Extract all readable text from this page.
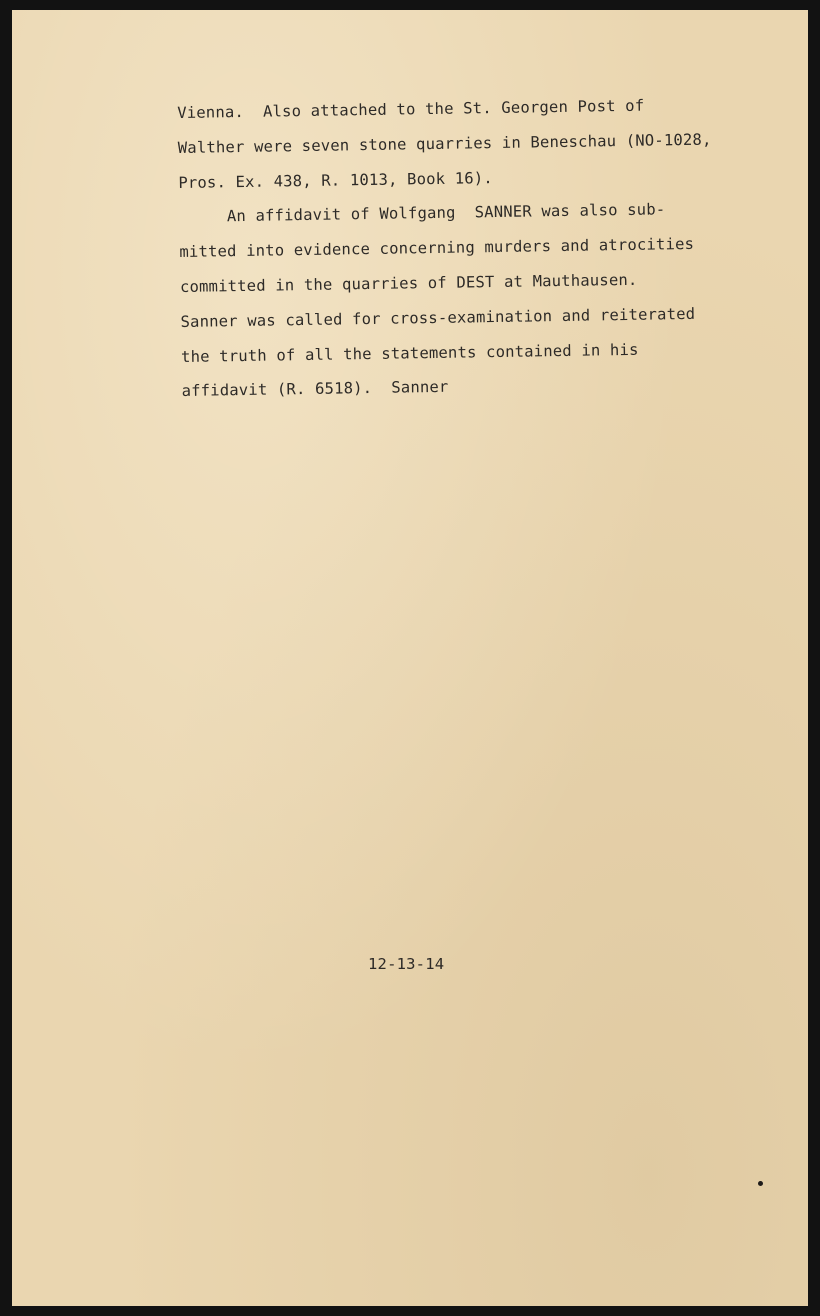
Vienna.  Also attached to the St. Georgen Post of
Walther were seven stone quarries in Beneschau (NO-1028,
Pros. Ex. 438, R. 1013, Book 16).
An affidavit of Wolfgang  SANNER was also sub-
mitted into evidence concerning murders and atrocities
committed in the quarries of DEST at Mauthausen.
Sanner was called for cross-examination and reiterated
the truth of all the statements contained in his
affidavit (R. 6518).  Sanner

12-13-14
